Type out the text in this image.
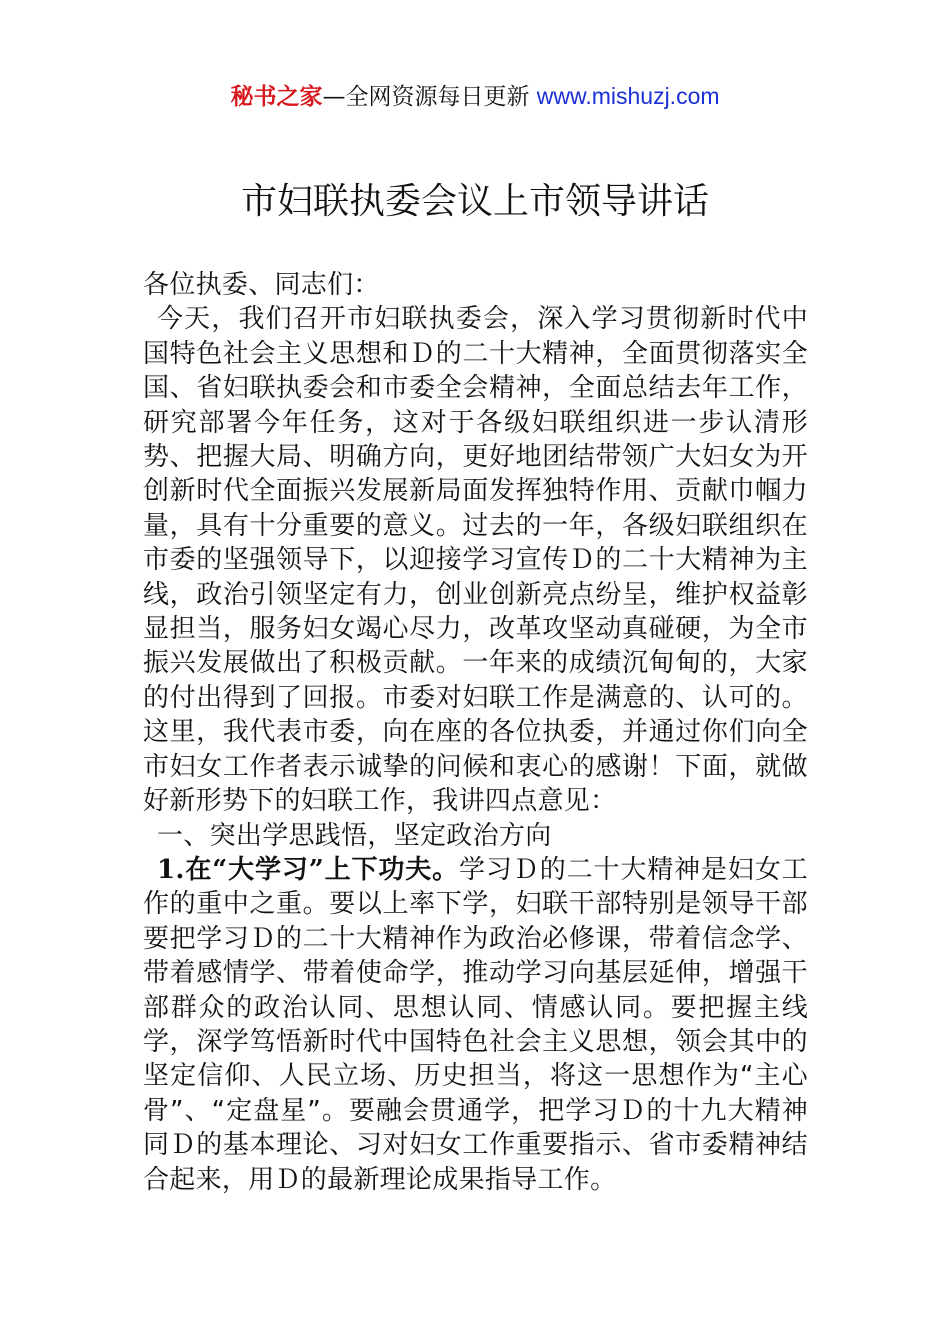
秘书之家—全网资源每日更新 www.mishuzj.com
市妇联执委会议上市领导讲话

各位执委、同志们：

今天，我们召开市妇联执委会，深入学习贯彻新时代中国特色社会主义思想和Ｄ的二十大精神，全面贯彻落实全国、省妇联执委会和市委全会精神，全面总结去年工作，研究部署今年任务，这对于各级妇联组织进一步认清形势、把握大局、明确方向，更好地团结带领广大妇女为开创新时代全面振兴发展新局面发挥独特作用、贡献巾帼力量，具有十分重要的意义。过去的一年，各级妇联组织在市委的坚强领导下，以迎接学习宣传Ｄ的二十大精神为主线，政治引领坚定有力，创业创新亮点纷呈，维护权益彰显担当，服务妇女竭心尽力，改革攻坚动真碰硬，为全市振兴发展做出了积极贡献。一年来的成绩沉甸甸的，大家的付出得到了回报。市委对妇联工作是满意的、认可的。这里，我代表市委，向在座的各位执委，并通过你们向全市妇女工作者表示诚挚的问候和衷心的感谢！下面，就做好新形势下的妇联工作，我讲四点意见：

一、突出学思践悟，坚定政治方向

1.在“大学习”上下功夫。学习Ｄ的二十大精神是妇女工作的重中之重。要以上率下学，妇联干部特别是领导干部要把学习Ｄ的二十大精神作为政治必修课，带着信念学、带着感情学、带着使命学，推动学习向基层延伸，增强干部群众的政治认同、思想认同、情感认同。要把握主线学，深学笃悟新时代中国特色社会主义思想，领会其中的坚定信仰、人民立场、历史担当，将这一思想作为“主心骨”、“定盘星”。要融会贯通学，把学习Ｄ的十九大精神同Ｄ的基本理论、习对妇女工作重要指示、省市委精神结合起来，用Ｄ的最新理论成果指导工作。
